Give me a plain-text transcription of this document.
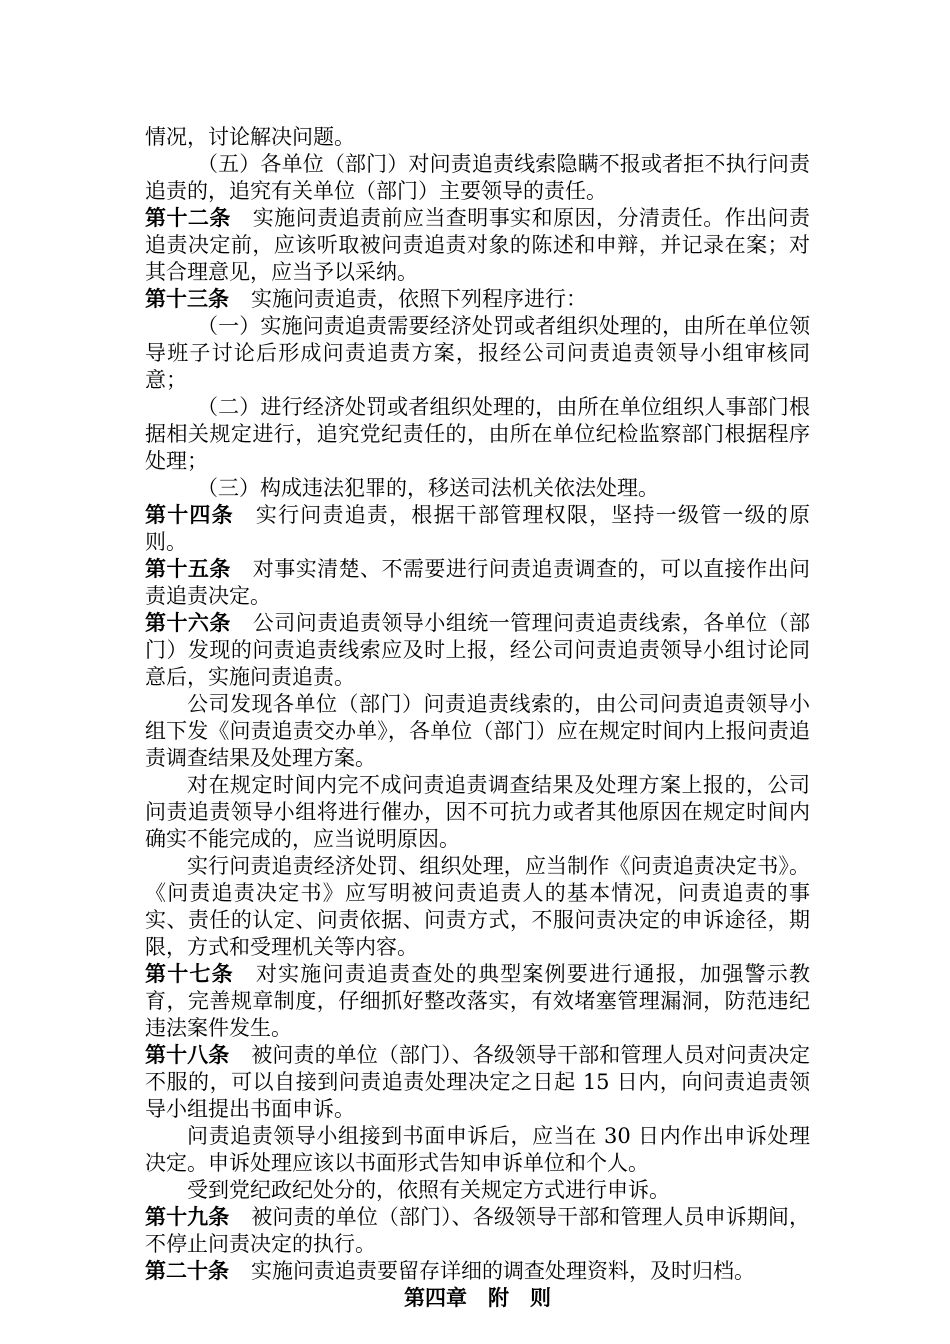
情况，讨论解决问题。

（五）各单位（部门）对问责追责线索隐瞒不报或者拒不执行问责追责的，追究有关单位（部门）主要领导的责任。

第十二条 实施问责追责前应当查明事实和原因，分清责任。作出问责追责决定前，应该听取被问责追责对象的陈述和申辩，并记录在案；对其合理意见，应当予以采纳。

第十三条 实施问责追责，依照下列程序进行：

（一）实施问责追责需要经济处罚或者组织处理的，由所在单位领导班子讨论后形成问责追责方案，报经公司问责追责领导小组审核同意；

（二）进行经济处罚或者组织处理的，由所在单位组织人事部门根据相关规定进行，追究党纪责任的，由所在单位纪检监察部门根据程序处理；

（三）构成违法犯罪的，移送司法机关依法处理。

第十四条 实行问责追责，根据干部管理权限，坚持一级管一级的原则。

第十五条 对事实清楚、不需要进行问责追责调查的，可以直接作出问责追责决定。

第十六条 公司问责追责领导小组统一管理问责追责线索，各单位（部门）发现的问责追责线索应及时上报，经公司问责追责领导小组讨论同意后，实施问责追责。

公司发现各单位（部门）问责追责线索的，由公司问责追责领导小组下发《问责追责交办单》，各单位（部门）应在规定时间内上报问责追责调查结果及处理方案。

对在规定时间内完不成问责追责调查结果及处理方案上报的，公司问责追责领导小组将进行催办，因不可抗力或者其他原因在规定时间内确实不能完成的，应当说明原因。

实行问责追责经济处罚、组织处理，应当制作《问责追责决定书》。《问责追责决定书》应写明被问责追责人的基本情况，问责追责的事实、责任的认定、问责依据、问责方式，不服问责决定的申诉途径，期限，方式和受理机关等内容。

第十七条 对实施问责追责查处的典型案例要进行通报，加强警示教育，完善规章制度，仔细抓好整改落实，有效堵塞管理漏洞，防范违纪违法案件发生。

第十八条 被问责的单位（部门）、各级领导干部和管理人员对问责决定不服的，可以自接到问责追责处理决定之日起 15 日内，向问责追责领导小组提出书面申诉。

问责追责领导小组接到书面申诉后，应当在 30 日内作出申诉处理决定。申诉处理应该以书面形式告知申诉单位和个人。

受到党纪政纪处分的，依照有关规定方式进行申诉。

第十九条 被问责的单位（部门）、各级领导干部和管理人员申诉期间，不停止问责决定的执行。

第二十条 实施问责追责要留存详细的调查处理资料，及时归档。

第四章　附　则
